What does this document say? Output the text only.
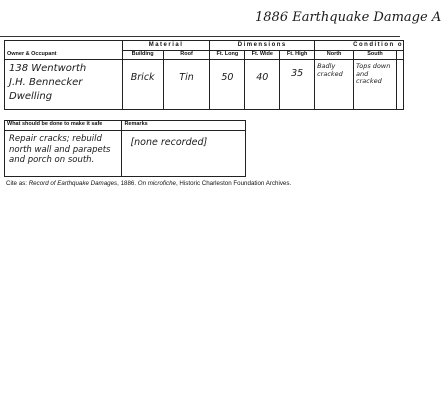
1886 Earthquake Damage A
	Material		Dimensions			Condition o		
Owner & Occupant	Building	Roof	Ft. Long	Ft. Wide	Ft. High	North	South	

138 Wentworth
J.H. Bennecker
Dwelling	Brick	Tin	50	40	35	Badly cracked	Tops down and cracked	
What should be done to make it safe	Remarks
Repair cracks; rebuild north wall and parapets and porch on south.	[none recorded]
Cite as: Record of Earthquake Damages, 1886. On microfiche, Historic Charleston Foundation Archives.
